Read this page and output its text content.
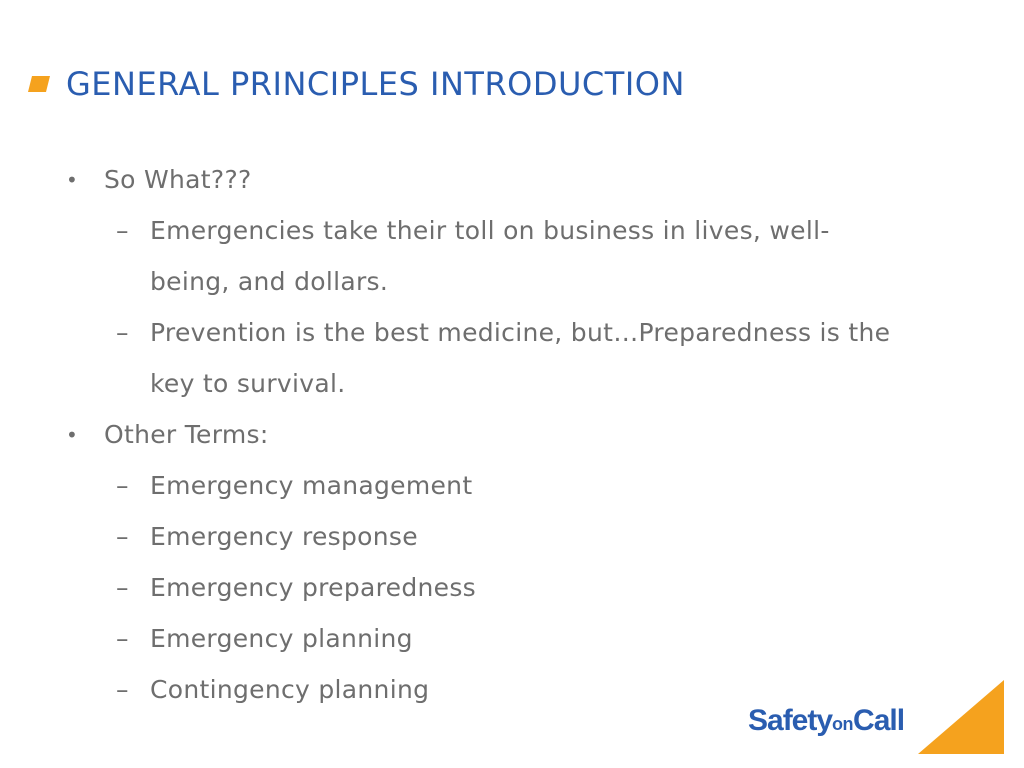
GENERAL PRINCIPLES INTRODUCTION
• So What???
– Emergencies take their toll on business in lives, well-
being, and dollars.
– Prevention is the best medicine, but…Preparedness is the
key to survival.
• Other Terms:
– Emergency management
– Emergency response
– Emergency preparedness
– Emergency planning
– Contingency planning
SafetyonCall
